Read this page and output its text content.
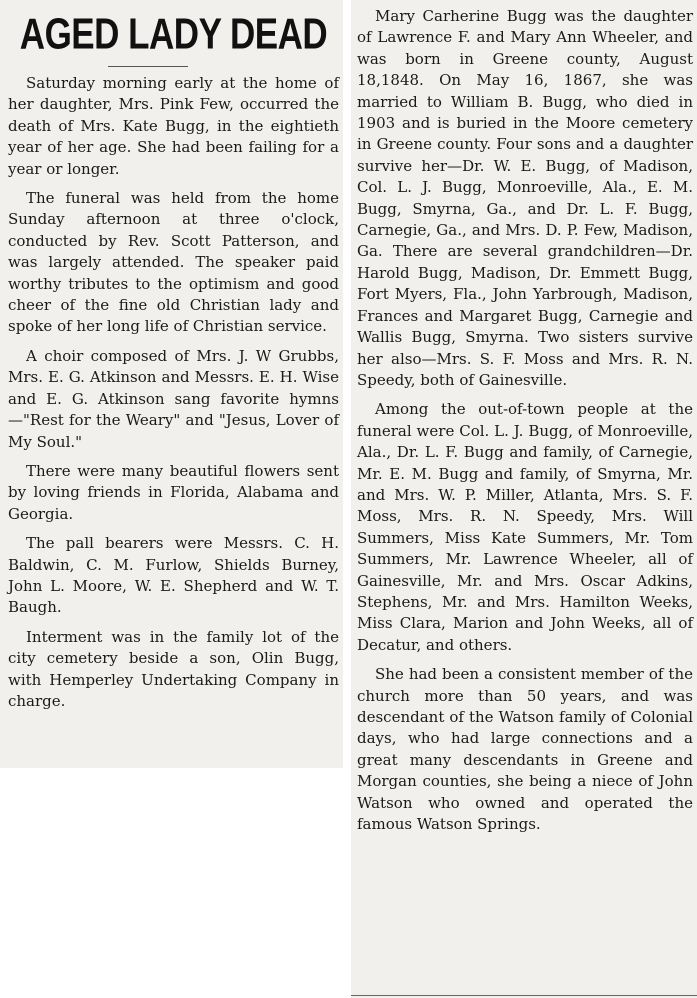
AGED LADY DEAD

Saturday morning early at the home of her daughter, Mrs. Pink Few, occurred the death of Mrs. Kate Bugg, in the eightieth year of her age. She had been failing for a year or longer.

The funeral was held from the home Sunday afternoon at three o'clock, conducted by Rev. Scott Patterson, and was largely attended. The speaker paid worthy tributes to the optimism and good cheer of the fine old Christian lady and spoke of her long life of Christian service.

A choir composed of Mrs. J. W Grubbs, Mrs. E. G. Atkinson and Messrs. E. H. Wise and E. G. Atkinson sang favorite hymns—"Rest for the Weary" and "Jesus, Lover of My Soul."

There were many beautiful flowers sent by loving friends in Florida, Alabama and Georgia.

The pall bearers were Messrs. C. H. Baldwin, C. M. Furlow, Shields Burney, John L. Moore, W. E. Shepherd and W. T. Baugh.

Interment was in the family lot of the city cemetery beside a son, Olin Bugg, with Hemperley Undertaking Company in charge.

Mary Carherine Bugg was the daughter of Lawrence F. and Mary Ann Wheeler, and was born in Greene county, August 18,1848. On May 16, 1867, she was married to William B. Bugg, who died in 1903 and is buried in the Moore cemetery in Greene county. Four sons and a daughter survive her—Dr. W. E. Bugg, of Madison, Col. L. J. Bugg, Monroeville, Ala., E. M. Bugg, Smyrna, Ga., and Dr. L. F. Bugg, Carnegie, Ga., and Mrs. D. P. Few, Madison, Ga. There are several grandchildren—Dr. Harold Bugg, Madison, Dr. Emmett Bugg, Fort Myers, Fla., John Yarbrough, Madison, Frances and Margaret Bugg, Carnegie and Wallis Bugg, Smyrna. Two sisters survive her also—Mrs. S. F. Moss and Mrs. R. N. Speedy, both of Gainesville.

Among the out-of-town people at the funeral were Col. L. J. Bugg, of Monroeville, Ala., Dr. L. F. Bugg and family, of Carnegie, Mr. E. M. Bugg and family, of Smyrna, Mr. and Mrs. W. P. Miller, Atlanta, Mrs. S. F. Moss, Mrs. R. N. Speedy, Mrs. Will Summers, Miss Kate Summers, Mr. Tom Summers, Mr. Lawrence Wheeler, all of Gainesville, Mr. and Mrs. Oscar Adkins, Stephens, Mr. and Mrs. Hamilton Weeks, Miss Clara, Marion and John Weeks, all of Decatur, and others.

She had been a consistent member of the church more than 50 years, and was descendant of the Watson family of Colonial days, who had large connections and a great many descendants in Greene and Morgan counties, she being a niece of John Watson who owned and operated the famous Watson Springs.
